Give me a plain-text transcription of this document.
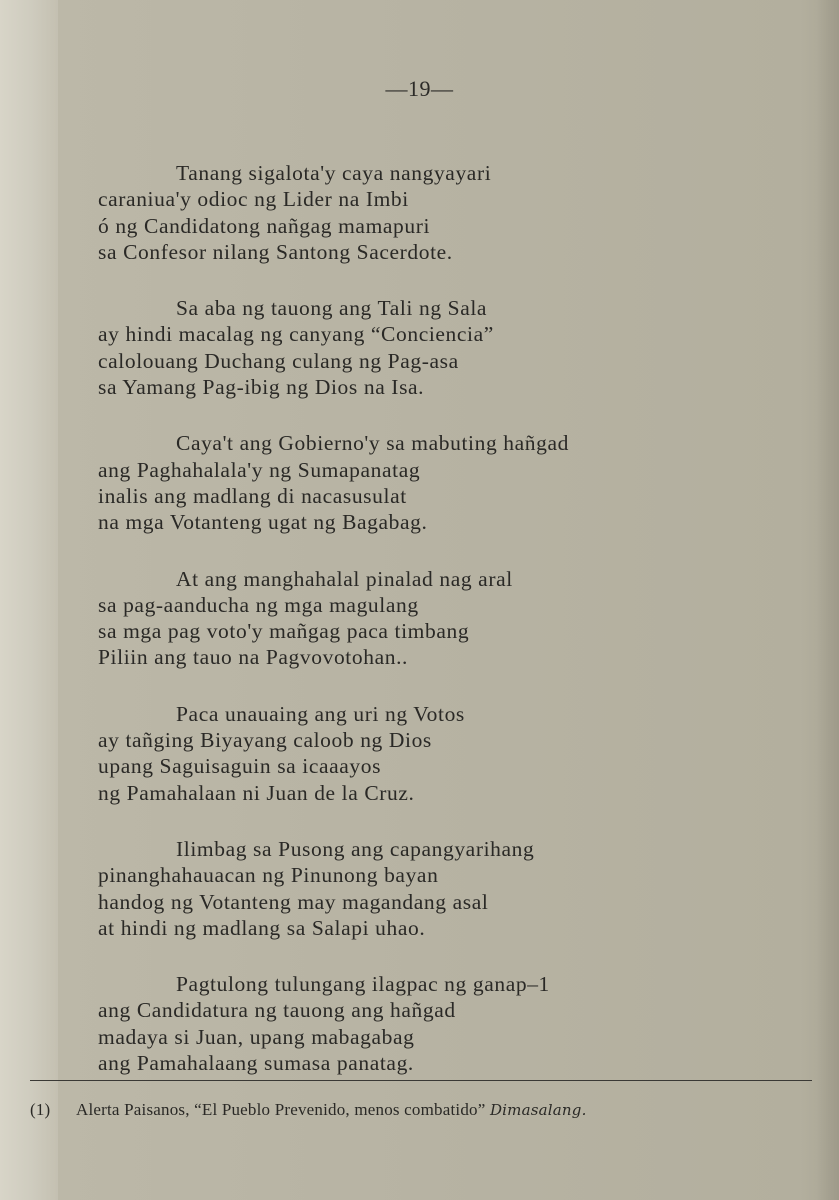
—19—
Tanang sigalota'y caya nangyayari
caraniua'y odioc ng Lider na Imbi
ó ng Candidatong nañgag mamapuri
sa Confesor nilang Santong Sacerdote.
Sa aba ng tauong ang Tali ng Sala
ay hindi macalag ng canyang “Conciencia”
calolouang Duchang culang ng Pag-asa
sa Yamang Pag-ibig ng Dios na Isa.
Caya't ang Gobierno'y sa mabuting hañgad
ang Paghahalala'y ng Sumapanatag
inalis ang madlang di nacasusulat
na mga Votanteng ugat ng Bagabag.
At ang manghahalal pinalad nag aral
sa pag-aanducha ng mga magulang
sa mga pag voto'y mañgag paca timbang
Piliin ang tauo na Pagvovotohan..
Paca unauaing ang uri ng Votos
ay tañging Biyayang caloob ng Dios
upang Saguisaguin sa icaaayos
ng Pamahalaan ni Juan de la Cruz.
Ilimbag sa Pusong ang capangyarihang
pinanghahauacan ng Pinunong bayan
handog ng Votanteng may magandang asal
at hindi ng madlang sa Salapi uhao.
Pagtulong tulungang ilagpac ng ganap–1
ang Candidatura ng tauong ang hañgad
madaya si Juan, upang mabagabag
ang Pamahalaang sumasa panatag.
(1) Alerta Paisanos, “El Pueblo Prevenido, menos combatido” Dimasalang.
